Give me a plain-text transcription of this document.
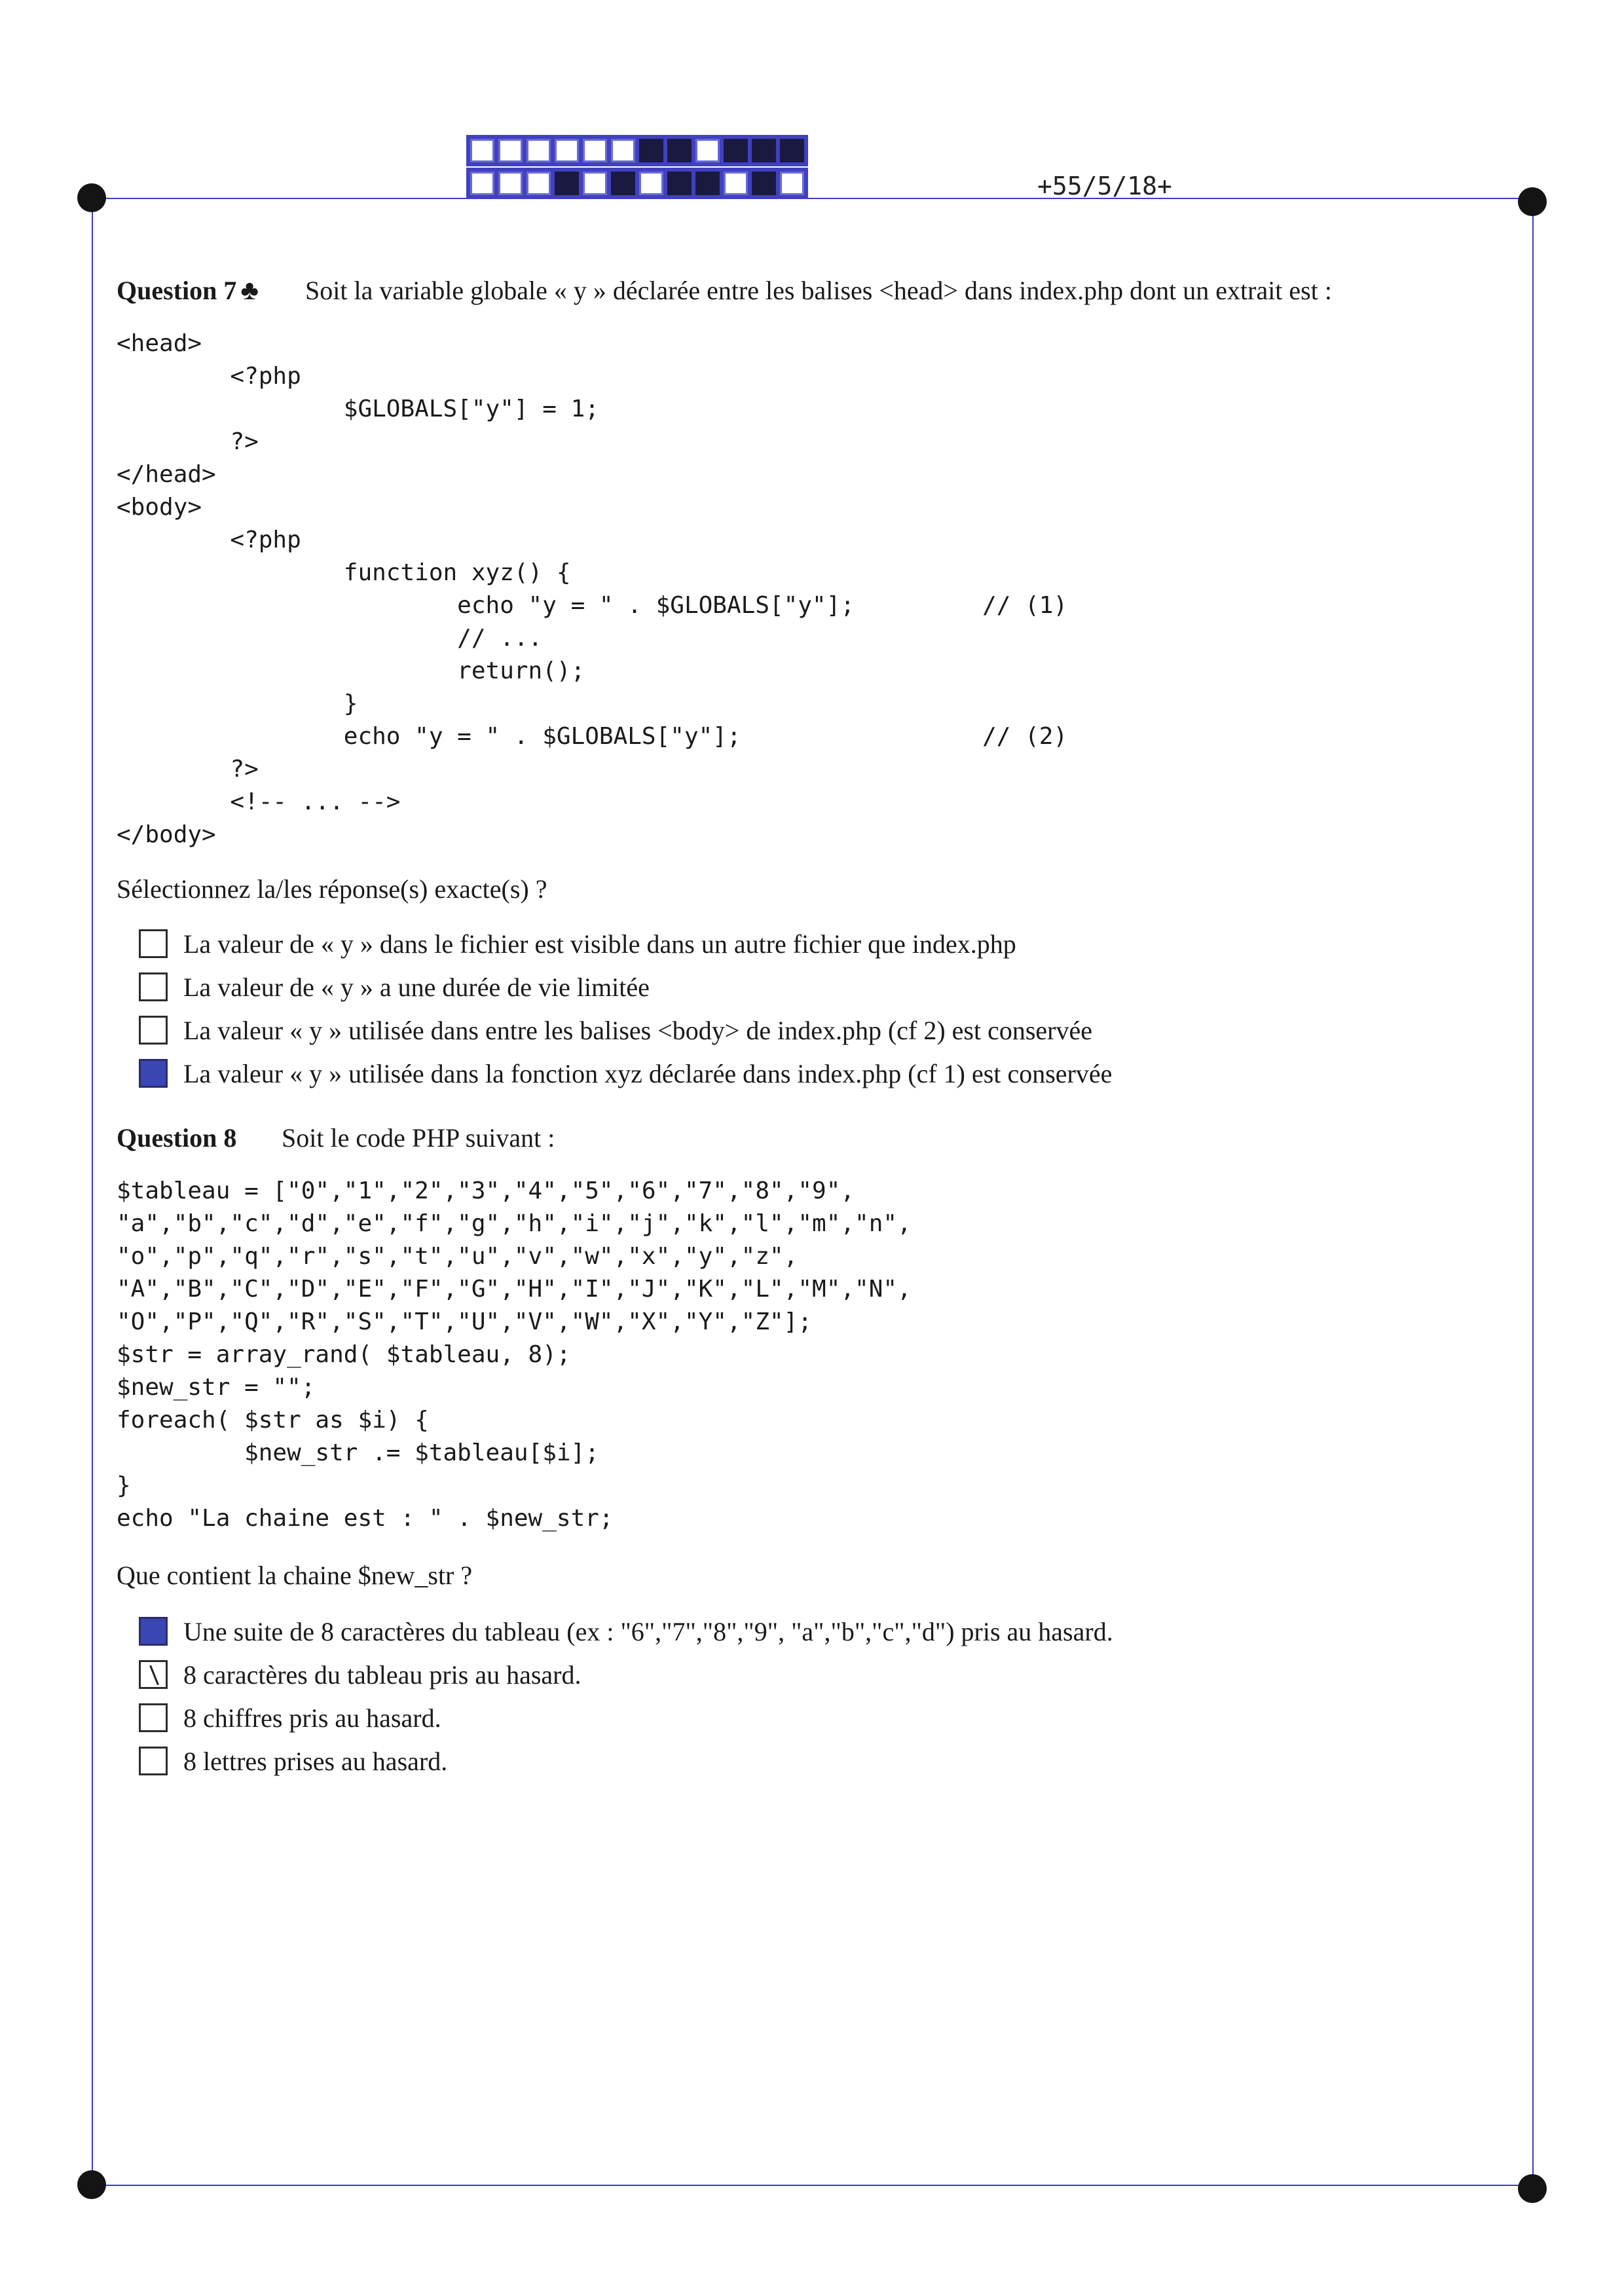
+55/5/18+
Question 7 ♣ Soit la variable globale « y » déclarée entre les balises <head> dans index.php dont un extrait est :
<head>
<?php
$GLOBALS["y"] = 1;
?>
</head>
<body>
<?php
function xyz() {
echo "y = " . $GLOBALS["y"];         // (1)
// ...
return();
}
echo "y = " . $GLOBALS["y"];                 // (2)
?>
<!-- ... -->
</body>
Sélectionnez la/les réponse(s) exacte(s) ?
La valeur de « y » dans le fichier est visible dans un autre fichier que index.php
La valeur de « y » a une durée de vie limitée
La valeur « y » utilisée dans entre les balises <body> de index.php (cf 2) est conservée
La valeur « y » utilisée dans la fonction xyz déclarée dans index.php (cf 1) est conservée
Question 8 Soit le code PHP suivant :
$tableau = ["0","1","2","3","4","5","6","7","8","9",
"a","b","c","d","e","f","g","h","i","j","k","l","m","n",
"o","p","q","r","s","t","u","v","w","x","y","z",
"A","B","C","D","E","F","G","H","I","J","K","L","M","N",
"O","P","Q","R","S","T","U","V","W","X","Y","Z"];
$str = array_rand( $tableau, 8);
$new_str = "";
foreach( $str as $i) {
$new_str .= $tableau[$i];
}
echo "La chaine est : " . $new_str;
Que contient la chaine $new_str ?
Une suite de 8 caractères du tableau (ex : "6","7","8","9", "a","b","c","d") pris au hasard.
8 caractères du tableau pris au hasard.
8 chiffres pris au hasard.
8 lettres prises au hasard.
